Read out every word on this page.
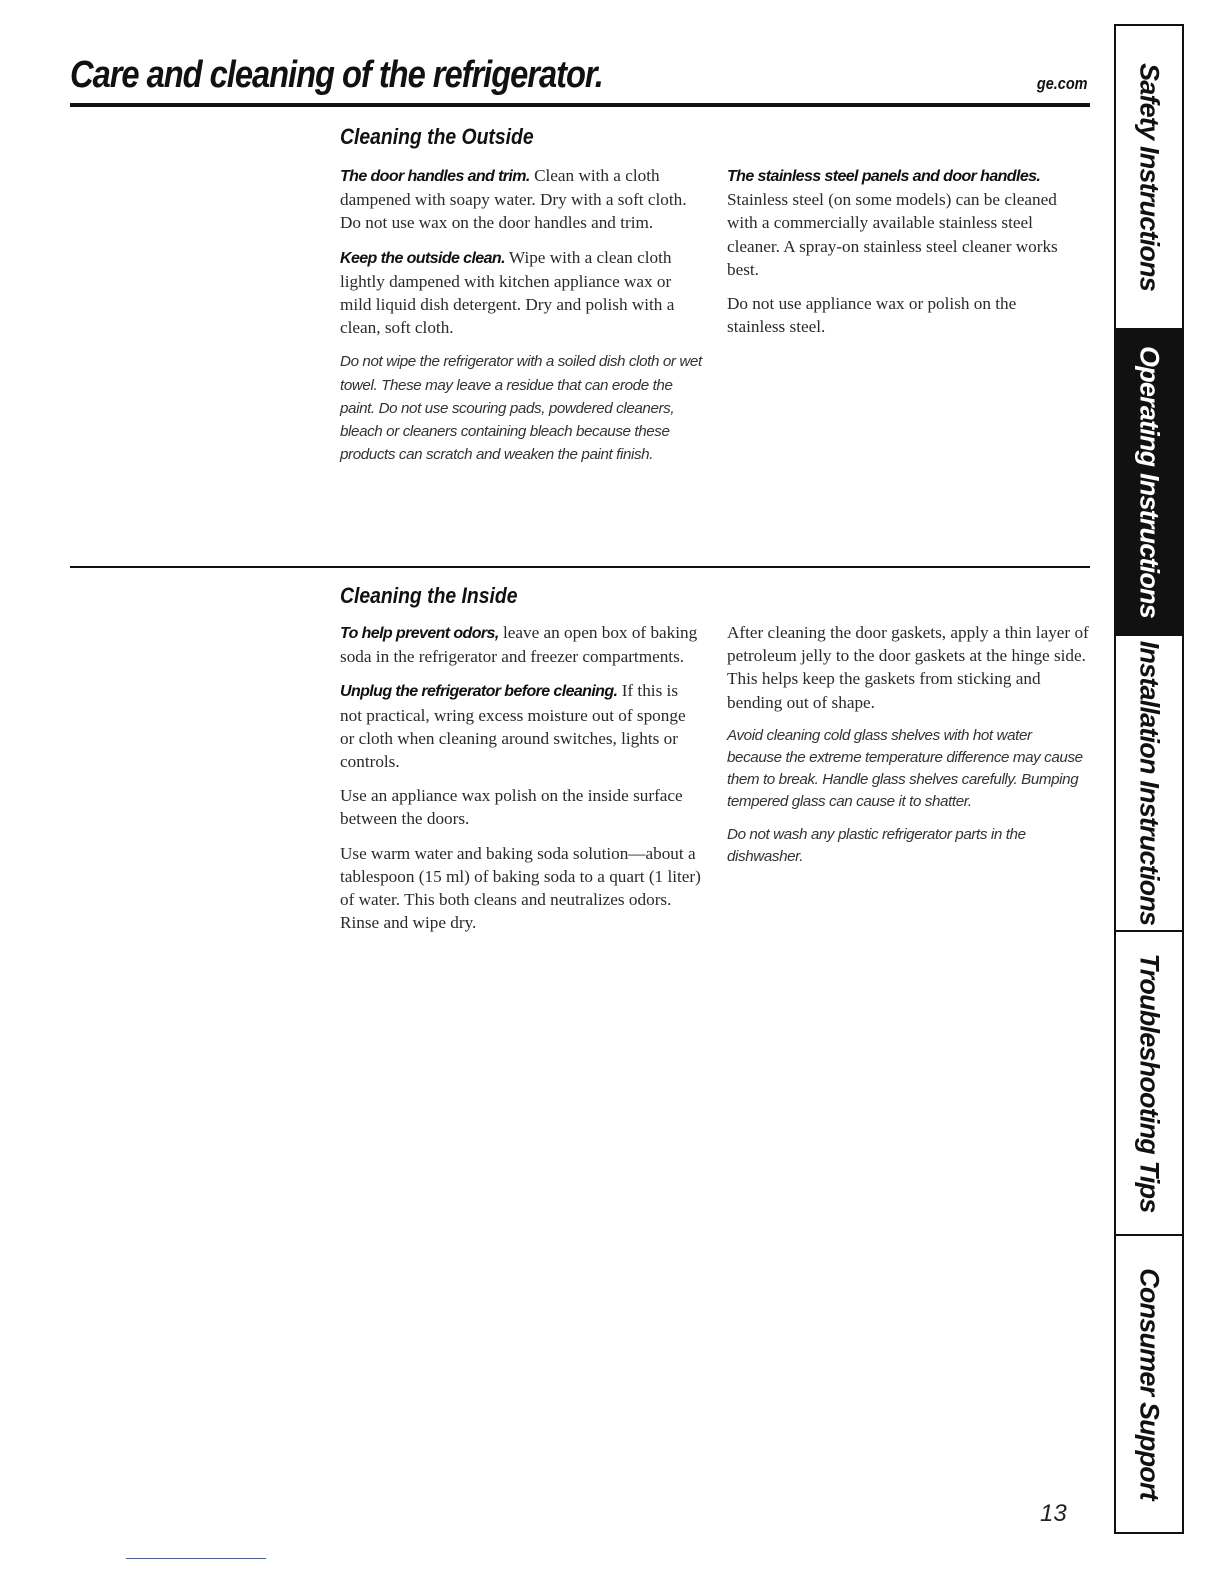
Care and cleaning of the refrigerator.	ge.com
Cleaning the Outside

The door handles and trim. Clean with a cloth dampened with soapy water. Dry with a soft cloth. Do not use wax on the door handles and trim.

Keep the outside clean. Wipe with a clean cloth lightly dampened with kitchen appliance wax or mild liquid dish detergent. Dry and polish with a clean, soft cloth.

Do not wipe the refrigerator with a soiled dish cloth or wet towel. These may leave a residue that can erode the paint. Do not use scouring pads, powdered cleaners, bleach or cleaners containing bleach because these products can scratch and weaken the paint finish.

The stainless steel panels and door handles. Stainless steel (on some models) can be cleaned with a commercially available stainless steel cleaner. A spray-on stainless steel cleaner works best.

Do not use appliance wax or polish on the stainless steel.

Cleaning the Inside

To help prevent odors, leave an open box of baking soda in the refrigerator and freezer compartments.

Unplug the refrigerator before cleaning. If this is not practical, wring excess moisture out of sponge or cloth when cleaning around switches, lights or controls.

Use an appliance wax polish on the inside surface between the doors.

Use warm water and baking soda solution—about a tablespoon (15 ml) of baking soda to a quart (1 liter) of water. This both cleans and neutralizes odors. Rinse and wipe dry.

After cleaning the door gaskets, apply a thin layer of petroleum jelly to the door gaskets at the hinge side. This helps keep the gaskets from sticking and bending out of shape.

Avoid cleaning cold glass shelves with hot water because the extreme temperature difference may cause them to break. Handle glass shelves carefully. Bumping tempered glass can cause it to shatter.

Do not wash any plastic refrigerator parts in the dishwasher.

Safety Instructions
Operating Instructions
Installation Instructions
Troubleshooting Tips
Consumer Support
13
